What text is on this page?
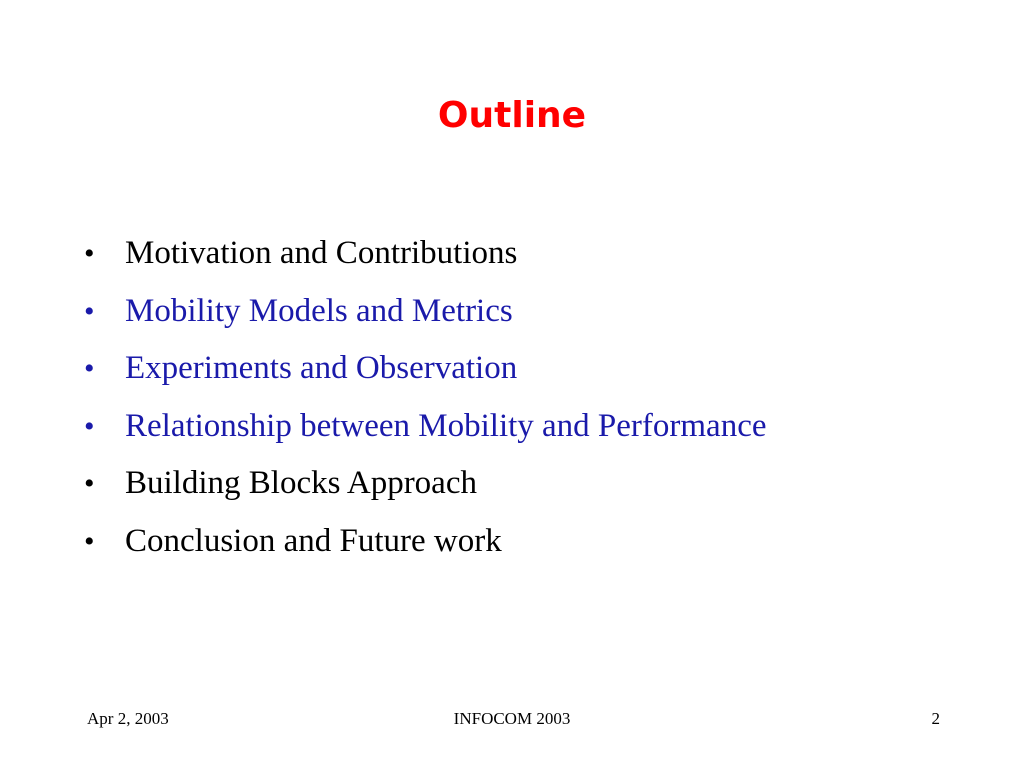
Outline
• Motivation and Contributions
• Mobility Models and Metrics
• Experiments and Observation
• Relationship between Mobility and Performance
• Building Blocks Approach
• Conclusion and Future work
Apr 2, 2003	INFOCOM 2003	2
